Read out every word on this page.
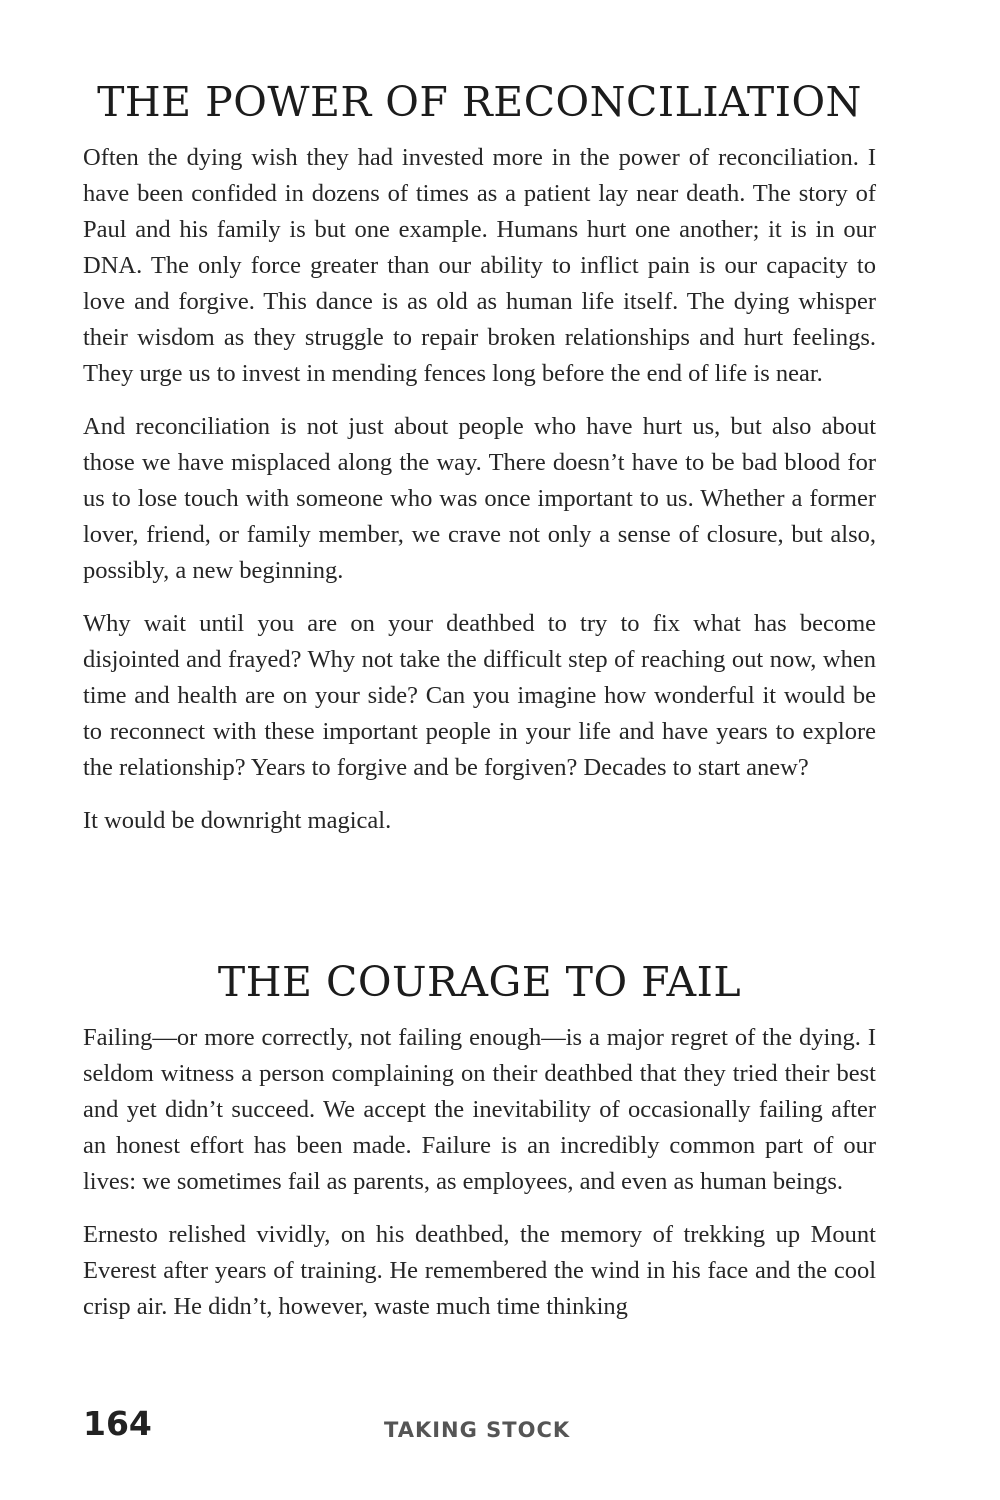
THE POWER OF RECONCILIATION

Often the dying wish they had invested more in the power of reconciliation. I have been confided in dozens of times as a patient lay near death. The story of Paul and his family is but one example. Humans hurt one another; it is in our DNA. The only force greater than our ability to inflict pain is our capacity to love and forgive. This dance is as old as human life itself. The dying whisper their wisdom as they struggle to repair broken relationships and hurt feelings. They urge us to invest in mending fences long before the end of life is near.

And reconciliation is not just about people who have hurt us, but also about those we have misplaced along the way. There doesn’t have to be bad blood for us to lose touch with someone who was once important to us. Whether a former lover, friend, or family member, we crave not only a sense of closure, but also, possibly, a new beginning.

Why wait until you are on your deathbed to try to fix what has become disjointed and frayed? Why not take the difficult step of reaching out now, when time and health are on your side? Can you imagine how wonderful it would be to reconnect with these important people in your life and have years to explore the relationship? Years to forgive and be forgiven? Decades to start anew?

It would be downright magical.

THE COURAGE TO FAIL

Failing—or more correctly, not failing enough—is a major regret of the dying. I seldom witness a person complaining on their deathbed that they tried their best and yet didn’t succeed. We accept the inevitability of occasionally failing after an honest effort has been made. Failure is an incredibly common part of our lives: we sometimes fail as parents, as employees, and even as human beings.

Ernesto relished vividly, on his deathbed, the memory of trekking up Mount Everest after years of training. He remembered the wind in his face and the cool crisp air. He didn’t, however, waste much time thinking

164	TAKING STOCK
